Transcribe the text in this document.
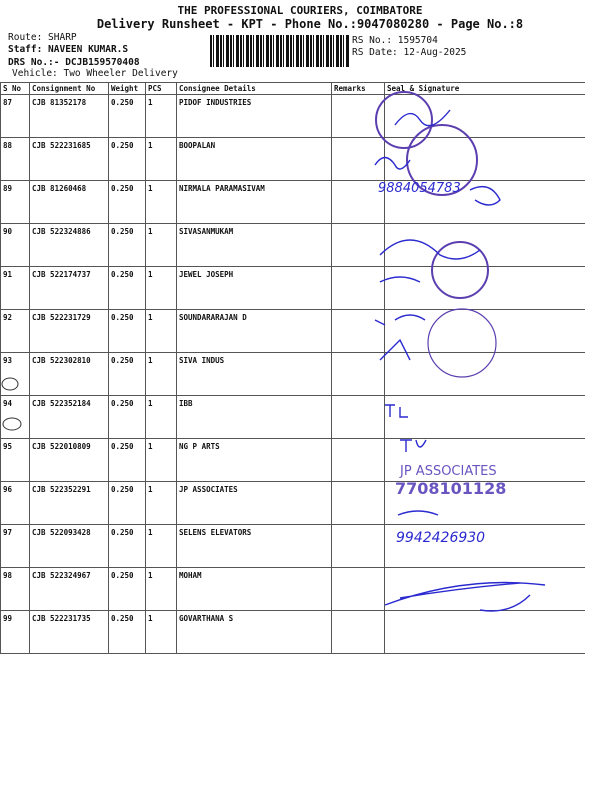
THE PROFESSIONAL COURIERS, COIMBATORE
Delivery Runsheet - KPT - Phone No.:9047080280 - Page No.:8
Route: SHARP
Staff: NAVEEN KUMAR.S
DRS No.:- DCJB159570408
Vehicle: Two Wheeler Delivery
RS No.: 1595704
RS Date: 12-Aug-2025
S No	Consignment No	Weight	PCS	Consignee Details	Remarks	Seal & Signature
87	CJB 81352178	0.250	1	PIDOF INDUSTRIES		
88	CJB 522231685	0.250	1	BOOPALAN		
89	CJB 81260468	0.250	1	NIRMALA PARAMASIVAM		
90	CJB 522324886	0.250	1	SIVASANMUKAM		
91	CJB 522174737	0.250	1	JEWEL JOSEPH		
92	CJB 522231729	0.250	1	SOUNDARARAJAN D		
93	CJB 522302810	0.250	1	SIVA INDUS		
94	CJB 522352184	0.250	1	IBB		
95	CJB 522010809	0.250	1	NG P ARTS		
96	CJB 522352291	0.250	1	JP ASSOCIATES		
97	CJB 522093428	0.250	1	SELENS ELEVATORS		
98	CJB 522324967	0.250	1	MOHAM		
99	CJB 522231735	0.250	1	GOVARTHANA S		
9884054783
9942426930
JP ASSOCIATES
7708101128
